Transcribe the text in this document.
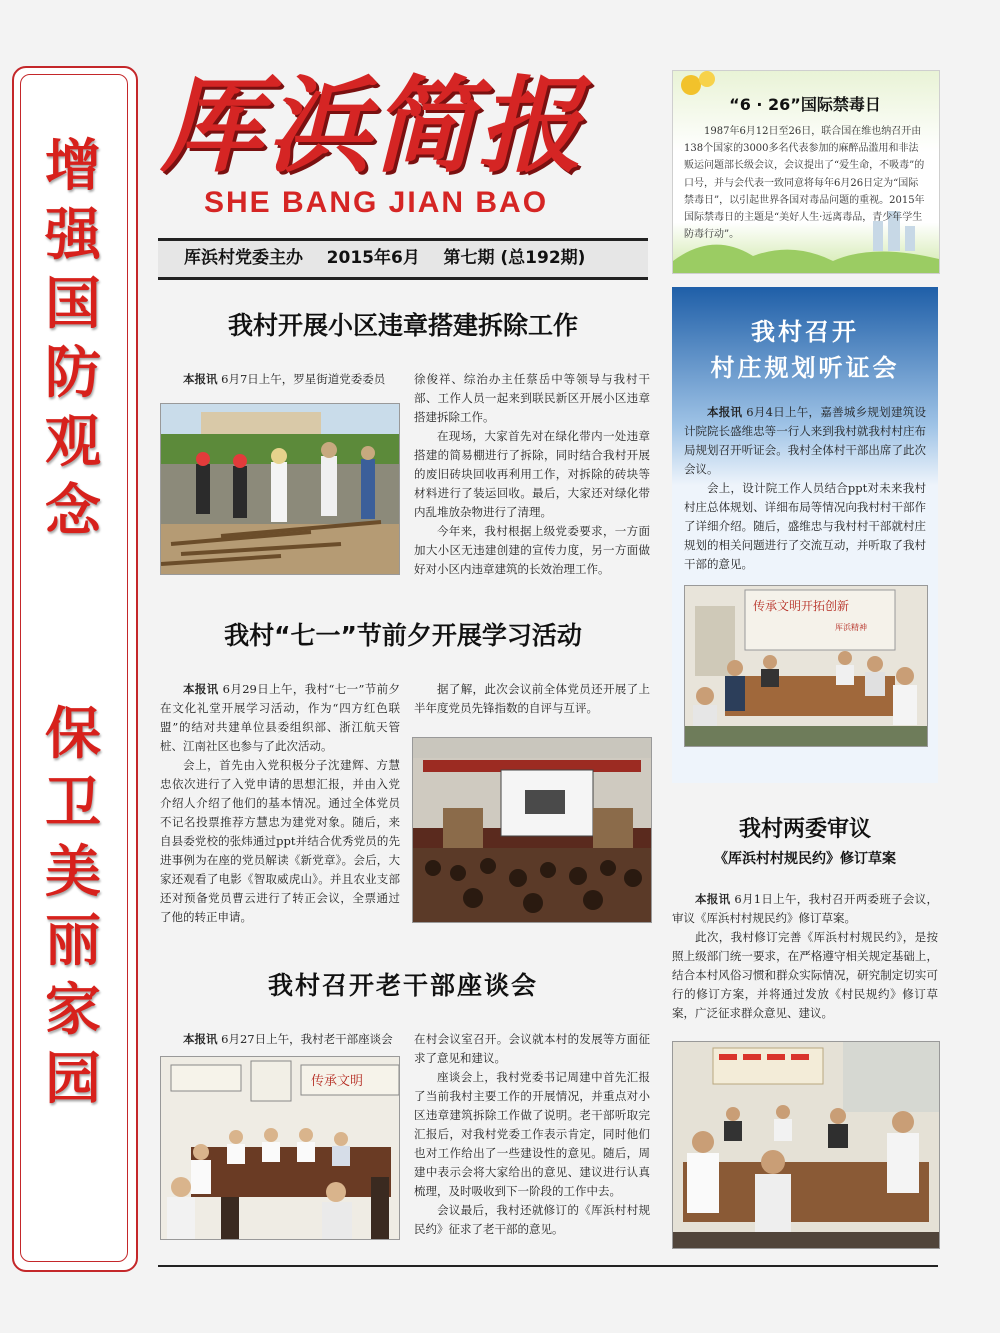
增
强
国
防
观
念
保
卫
美
丽
家
园
厍浜简报
SHE BANG JIAN BAO
厍浜村党委主办    2015年6月    第七期 (总192期)
我村开展小区违章搭建拆除工作

本报讯 6月7日上午，罗星街道党委委员	徐俊祥、综治办主任蔡岳中等领导与我村干部、工作人员一起来到联民新区开展小区违章搭建拆除工作。

在现场，大家首先对在绿化带内一处违章搭建的简易棚进行了拆除，同时结合我村开展的废旧砖块回收再利用工作，对拆除的砖块等材料进行了装运回收。最后，大家还对绿化带内乱堆放杂物进行了清理。

今年来，我村根据上级党委要求，一方面加大小区无违建创建的宣传力度，另一方面做好对小区内违章建筑的长效治理工作。

我村“七一”节前夕开展学习活动

本报讯 6月29日上午，我村“七一”节前夕在文化礼堂开展学习活动，作为“四方红色联盟”的结对共建单位县委组织部、浙江航天管桩、江南社区也参与了此次活动。

会上，首先由入党积极分子沈建辉、方慧忠依次进行了入党申请的思想汇报，并由入党介绍人介绍了他们的基本情况。通过全体党员不记名投票推荐方慧忠为建党对象。随后，来自县委党校的张炜通过ppt并结合优秀党员的先进事例为在座的党员解读《新党章》。会后，大家还观看了电影《智取威虎山》。并且农业支部还对预备党员曹云进行了转正会议，全票通过了他的转正申请。

据了解，此次会议前全体党员还开展了上半年度党员先锋指数的自评与互评。

我村召开老干部座谈会

本报讯 6月27日上午，我村老干部座谈会

传承文明

在村会议室召开。会议就本村的发展等方面征求了意见和建议。

座谈会上，我村党委书记周建中首先汇报了当前我村主要工作的开展情况，并重点对小区违章建筑拆除工作做了说明。老干部听取完汇报后，对我村党委工作表示肯定，同时他们也对工作给出了一些建设性的意见。随后，周建中表示会将大家给出的意见、建议进行认真梳理，及时吸收到下一阶段的工作中去。

会议最后，我村还就修订的《厍浜村村规民约》征求了老干部的意见。

“6 · 26”国际禁毒日

1987年6月12日至26日，联合国在维也纳召开由138个国家的3000多名代表参加的麻醉品滥用和非法贩运问题部长级会议，会议提出了“爱生命，不吸毒”的口号，并与会代表一致同意将每年6月26日定为“国际禁毒日”，以引起世界各国对毒品问题的重视。2015年国际禁毒日的主题是“美好人生·远离毒品，青少年学生防毒行动”。

我村召开
村庄规划听证会

本报讯 6月4日上午，嘉善城乡规划建筑设计院院长盛维忠等一行人来到我村就我村村庄布局规划召开听证会。我村全体村干部出席了此次会议。

会上，设计院工作人员结合ppt对未来我村村庄总体规划、详细布局等情况向我村村干部作了详细介绍。随后，盛维忠与我村村干部就村庄规划的相关问题进行了交流互动，并听取了我村干部的意见。

传承文明开拓创新
厍浜精神
我村两委审议
《厍浜村村规民约》修订草案

本报讯 6月1日上午，我村召开两委班子会议，审议《厍浜村村规民约》修订草案。

此次，我村修订完善《厍浜村村规民约》，是按照上级部门统一要求，在严格遵守相关规定基础上，结合本村风俗习惯和群众实际情况，研究制定切实可行的修订方案，并将通过发放《村民规约》修订草案，广泛征求群众意见、建议。
